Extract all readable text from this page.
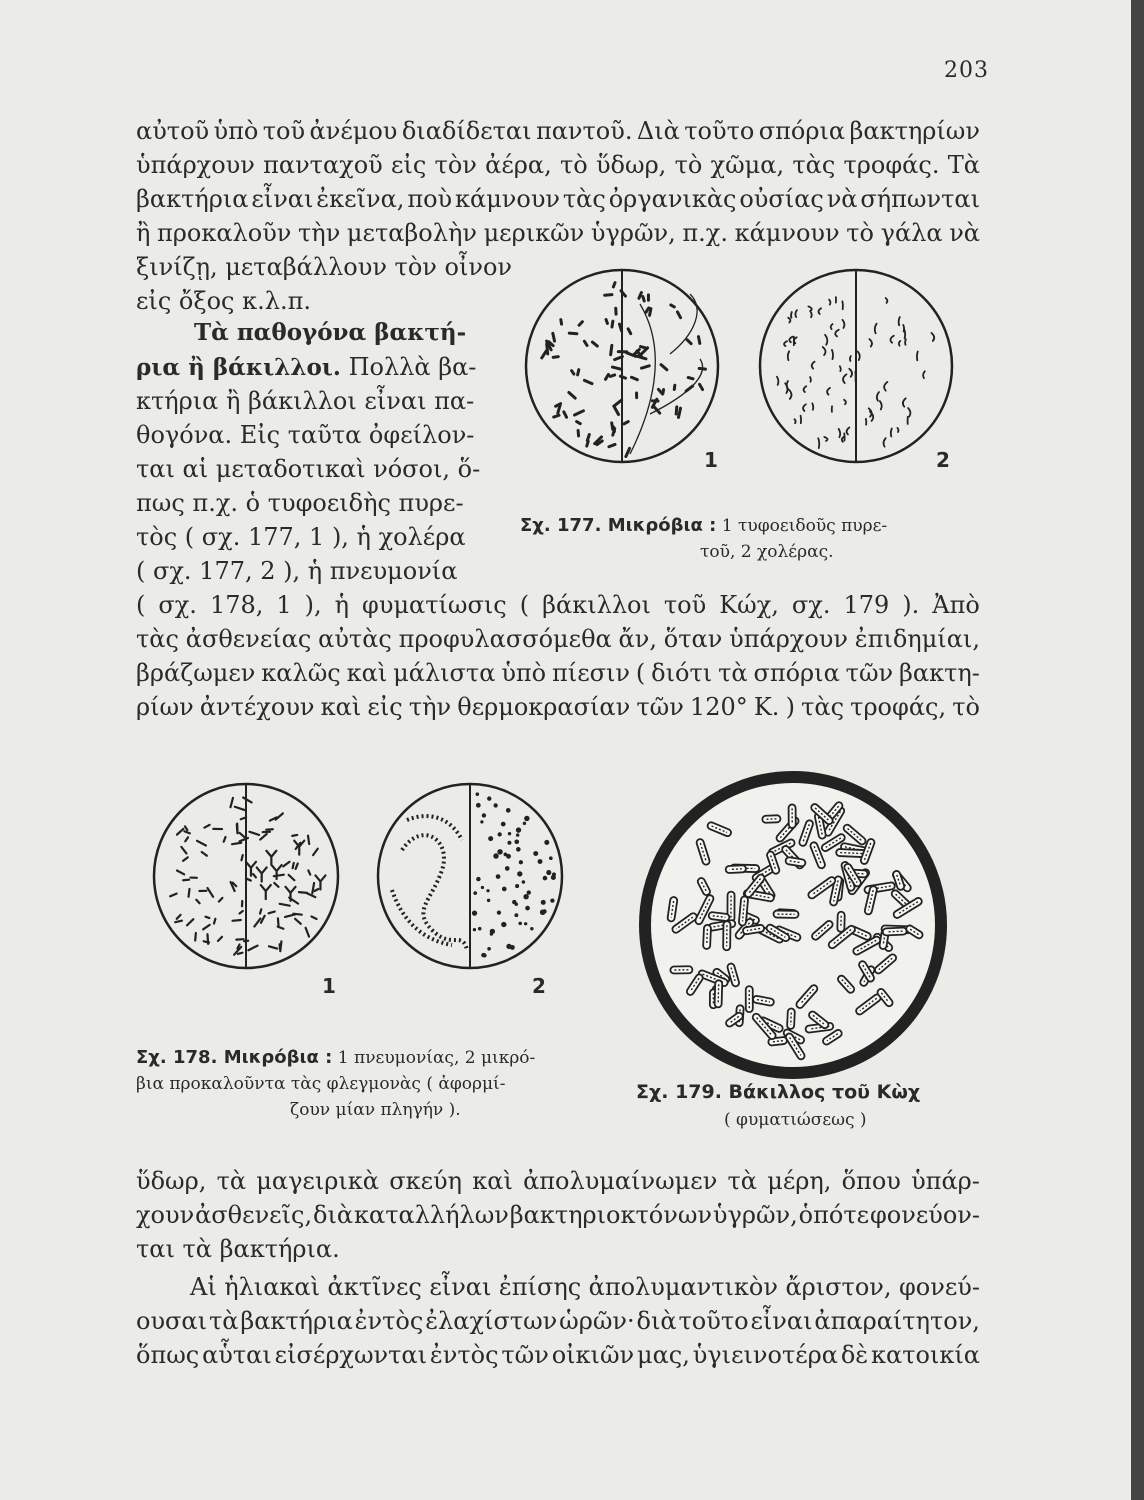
203
αὐτοῦ ὑπὸ τοῦ ἀνέμου διαδίδεται παντοῦ. Διὰ τοῦτο σπόρια βακτηρίων
ὑπάρχουν πανταχοῦ εἰς τὸν ἀέρα, τὸ ὕδωρ, τὸ χῶμα, τὰς τροφάς. Τὰ
βακτήρια εἶναι ἐκεῖνα, ποὺ κάμνουν τὰς ὀργανικὰς οὐσίας νὰ σήπωνται
ἢ προκαλοῦν τὴν μεταβολὴν μερικῶν ὑγρῶν, π.χ. κάμνουν τὸ γάλα νὰ
ξινίζῃ, μεταβάλλουν τὸν οἶνον
εἰς ὄξος κ.λ.π.
Τὰ παθογόνα βακτή-
ρια ἢ βάκιλλοι. Πολλὰ βα-
κτήρια ἢ βάκιλλοι εἶναι πα-
θογόνα. Εἰς ταῦτα ὀφείλον-
ται αἱ μεταδοτικαὶ νόσοι, ὅ-
πως π.χ. ὁ τυφοειδὴς πυρε-
τὸς ( σχ. 177, 1 ), ἡ χολέρα
( σχ. 177, 2 ), ἡ πνευμονία
( σχ. 178, 1 ), ἡ φυματίωσις ( βάκιλλοι τοῦ Κώχ, σχ. 179 ). Ἀπὸ
τὰς ἀσθενείας αὐτὰς προφυλασσόμεθα ἄν, ὅταν ὑπάρχουν ἐπιδημίαι,
βράζωμεν καλῶς καὶ μάλιστα ὑπὸ πίεσιν ( διότι τὰ σπόρια τῶν βακτη-
ρίων ἀντέχουν καὶ εἰς τὴν θερμοκρασίαν τῶν 120° Κ. ) τὰς τροφάς, τὸ
1	2
Σχ. 177. Μικρόβια : 1 τυφοειδοῦς πυρε-
τοῦ, 2 χολέρας.
1	2
Σχ. 178. Μικρόβια : 1 πνευμονίας, 2 μικρό-
βια προκαλοῦντα τὰς φλεγμονὰς ( ἀφορμί-
ζουν μίαν πληγήν ).
Σχ. 179. Βάκιλλος τοῦ Κὼχ
( φυματιώσεως )
ὕδωρ, τὰ μαγειρικὰ σκεύη καὶ ἀπολυμαίνωμεν τὰ μέρη, ὅπου ὑπάρ-
χουν ἀσθενεῖς, διὰ καταλλήλων βακτηριοκτόνων ὑγρῶν, ὁπότε φονεύον-
ται τὰ βακτήρια.
Αἱ ἡλιακαὶ ἀκτῖνες εἶναι ἐπίσης ἀπολυμαντικὸν ἄριστον, φονεύ-
ουσαι τὰ βακτήρια ἐντὸς ἐλαχίστων ὡρῶν· διὰ τοῦτο εἶναι ἀπαραίτητον,
ὅπως αὗται εἰσέρχωνται ἐντὸς τῶν οἰκιῶν μας, ὑγιεινοτέρα δὲ κατοικία
